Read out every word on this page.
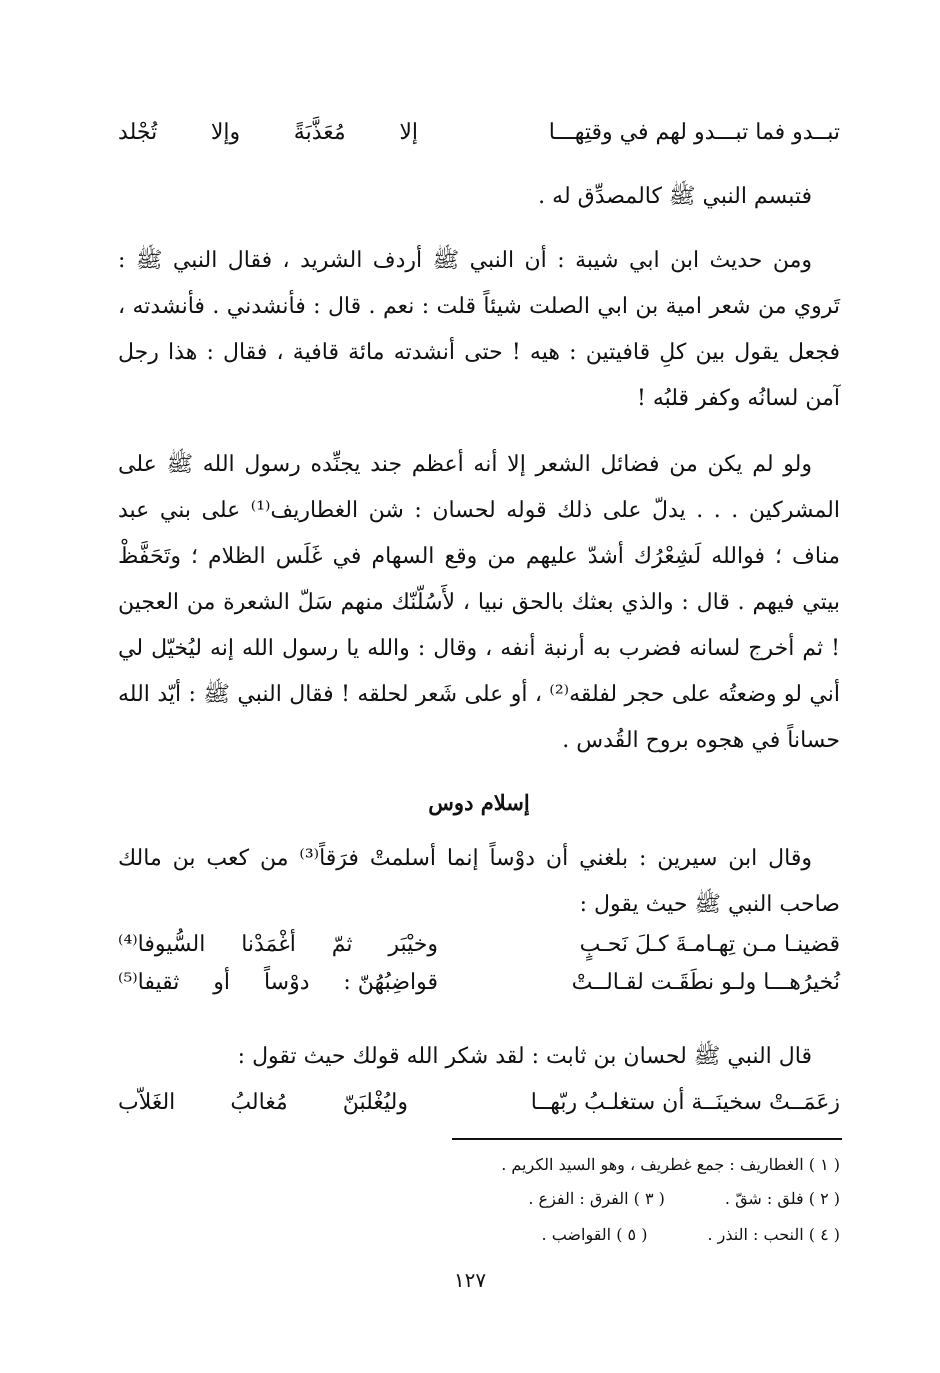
تبــدو فما تبـــدو لهم في وقتِهـــا
إلا
مُعَذَّبَةً
وإلا
تُجْلد
فتبسم النبي ﷺ كالمصدِّق له .
ومن حديث ابن ابي شيبة : أن النبي ﷺ أردف الشريد ، فقال النبي ﷺ : تَروي من شعر امية بن ابي الصلت شيئاً قلت : نعم . قال : فأنشدني . فأنشدته ، فجعل يقول بين كلِ قافيتين : هيه ! حتى أنشدته مائة قافية ، فقال : هذا رجل آمن لسانُه وكفر قلبُه !
ولو لم يكن من فضائل الشعر إلا أنه أعظم جند يجنِّده رسول الله ﷺ على المشركين . . . يدلّ على ذلك قوله لحسان : شن الغطاريف⁽¹⁾ على بني عبد مناف ؛ فوالله لَشِعْرُك أشدّ عليهم من وقع السهام في غَلَس الظلام ؛ وتَحَفَّظْ بيتي فيهم . قال : والذي بعثك بالحق نبيا ، لأَسُلّنّك منهم سَلّ الشعرة من العجين ! ثم أخرج لسانه فضرب به أرنبة أنفه ، وقال : والله يا رسول الله إنه ليُخيّل لي أني لو وضعتُه على حجر لفلقه⁽²⁾ ، أو على شَعر لحلقه ! فقال النبي ﷺ : أيّد الله حساناً في هجوه بروح القُدس .
إسلام دوس
وقال ابن سيرين : بلغني أن دوْساً إنما أسلمتْ فرَقاً⁽³⁾ من كعب بن مالك صاحب النبي ﷺ حيث يقول :
قضينـا مـن تِهـامـةَ كـلَ نَحـبٍ
وخيْبَر
ثمّ
أغْمَدْنا
السُّيوفا⁽⁴⁾
نُخيرُهـــا ولـو نطَقَـت لقـالــتْ
قواضِبُهُنّ :
دوْساً
أو
ثقيفا⁽⁵⁾
قال النبي ﷺ لحسان بن ثابت : لقد شكر الله قولك حيث تقول :
زعَمَــتْ سخينَــة أن ستغلـبُ ربّهــا
وليُغْلبَنّ
مُغالبُ
الغَلاّب
( ١ ) الغطاريف : جمع غطريف ، وهو السيد الكريم .
( ٢ ) فلق : شقّ .( ٣ ) الفرق : الفزع .
( ٤ ) النحب : النذر .( ٥ ) القواضب .
١٢٧
